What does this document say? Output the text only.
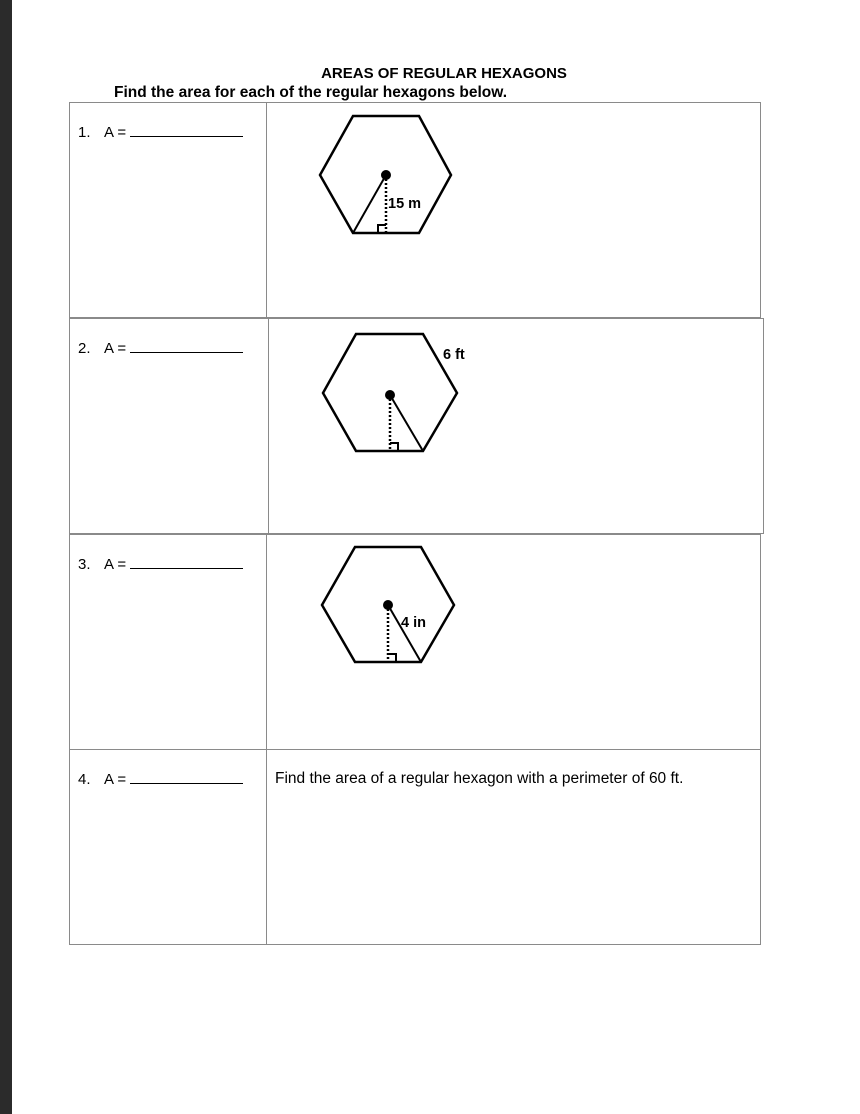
AREAS OF REGULAR HEXAGONS

Find the area for each of the regular hexagons below.

1. A =
15 m
2. A =	6 ft
3. A =
4 in
4. A =	Find the area of a regular hexagon with a perimeter of 60 ft.
